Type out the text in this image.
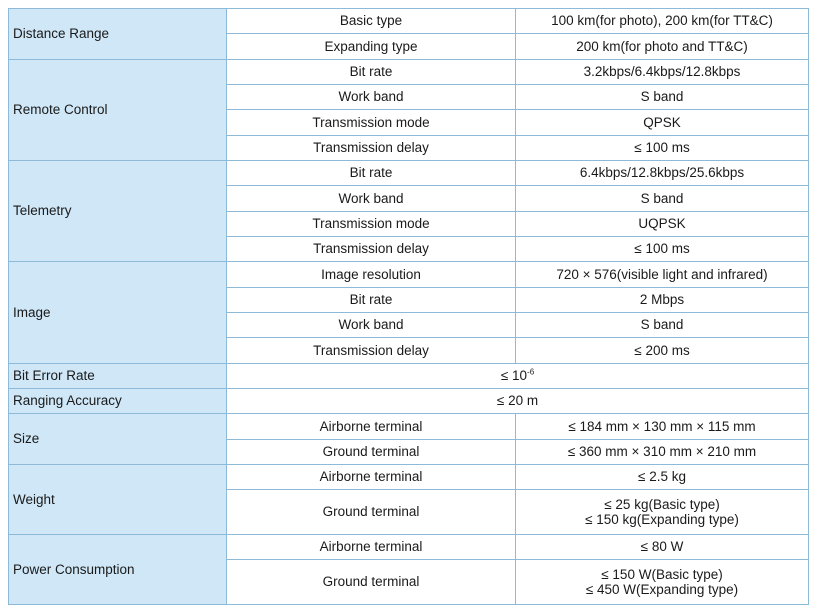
Distance Range	Basic type	100 km(for photo), 200 km(for TT&C)
	Expanding type	200 km(for photo and TT&C)
Remote Control	Bit rate	3.2kbps/6.4kbps/12.8kbps
	Work band	S band
	Transmission mode	QPSK
	Transmission delay	≤ 100 ms
Telemetry	Bit rate	6.4kbps/12.8kbps/25.6kbps
	Work band	S band
	Transmission mode	UQPSK
	Transmission delay	≤ 100 ms
Image	Image resolution	720 × 576(visible light and infrared)
	Bit rate	2 Mbps
	Work band	S band
	Transmission delay	≤ 200 ms
Bit Error Rate	≤ $10^{-6}$
Ranging Accuracy	≤ 20 m	
Size	Airborne terminal	≤ 184 mm × 130 mm × 115 mm
	Ground terminal	≤ 360 mm × 310 mm × 210 mm
Weight	Airborne terminal	≤ 2.5 kg
	Ground terminal	≤ 25 kg(Basic type)
≤ 150 kg(Expanding type)

Power Consumption	Airborne terminal	≤ 80 W
	Ground terminal	≤ 150 W(Basic type)
≤ 450 W(Expanding type)
